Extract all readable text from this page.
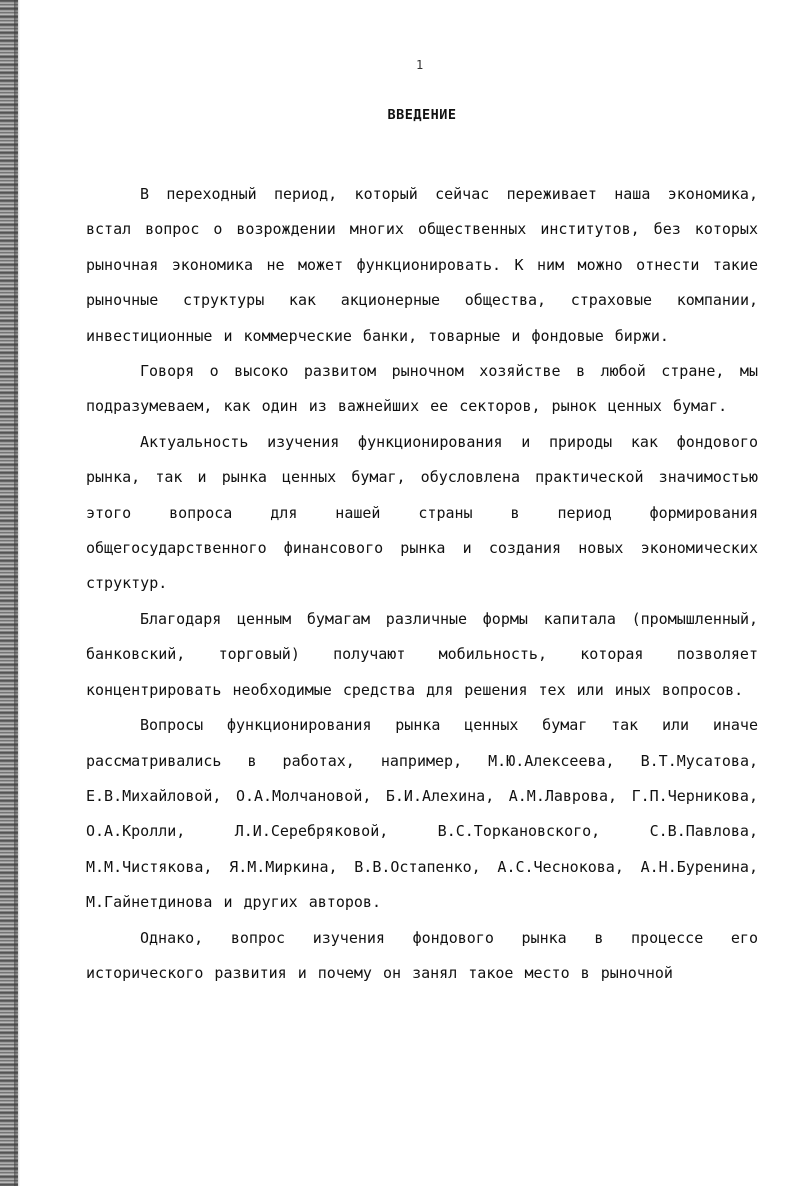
1
ВВЕДЕНИЕ

В переходный период, который сейчас переживает наша экономика, встал вопрос о возрождении многих общественных институтов, без которых рыночная экономика не может функционировать. К ним можно отнести такие рыночные структуры как акционерные общества, страховые компании, инвестиционные и коммерческие банки, товарные и фондовые биржи.

Говоря о высоко развитом рыночном хозяйстве в любой стране, мы подразумеваем, как один из важнейших ее секторов, рынок ценных бумаг.

Актуальность изучения функционирования и природы как фондового рынка, так и рынка ценных бумаг, обусловлена практической значимостью этого вопроса для нашей страны в период формирования общегосударственного финансового рынка и создания новых экономических структур.

Благодаря ценным бумагам различные формы капитала (промышленный, банковский, торговый) получают мобильность, которая позволяет концентрировать необходимые средства для решения тех или иных вопросов.

Вопросы функционирования рынка ценных бумаг так или иначе рассматривались в работах, например, М.Ю.Алексеева, В.Т.Мусатова, Е.В.Михайловой, О.А.Молчановой, Б.И.Алехина, А.М.Лаврова, Г.П.Черникова, О.А.Кролли, Л.И.Серебряковой, В.С.Торкановского, С.В.Павлова, М.М.Чистякова, Я.М.Миркина, В.В.Остапенко, А.С.Чеснокова, А.Н.Буренина, М.Гайнетдинова и других авторов.

Однако, вопрос изучения фондового рынка в процессе его исторического развития и почему он занял такое место в рыночной
